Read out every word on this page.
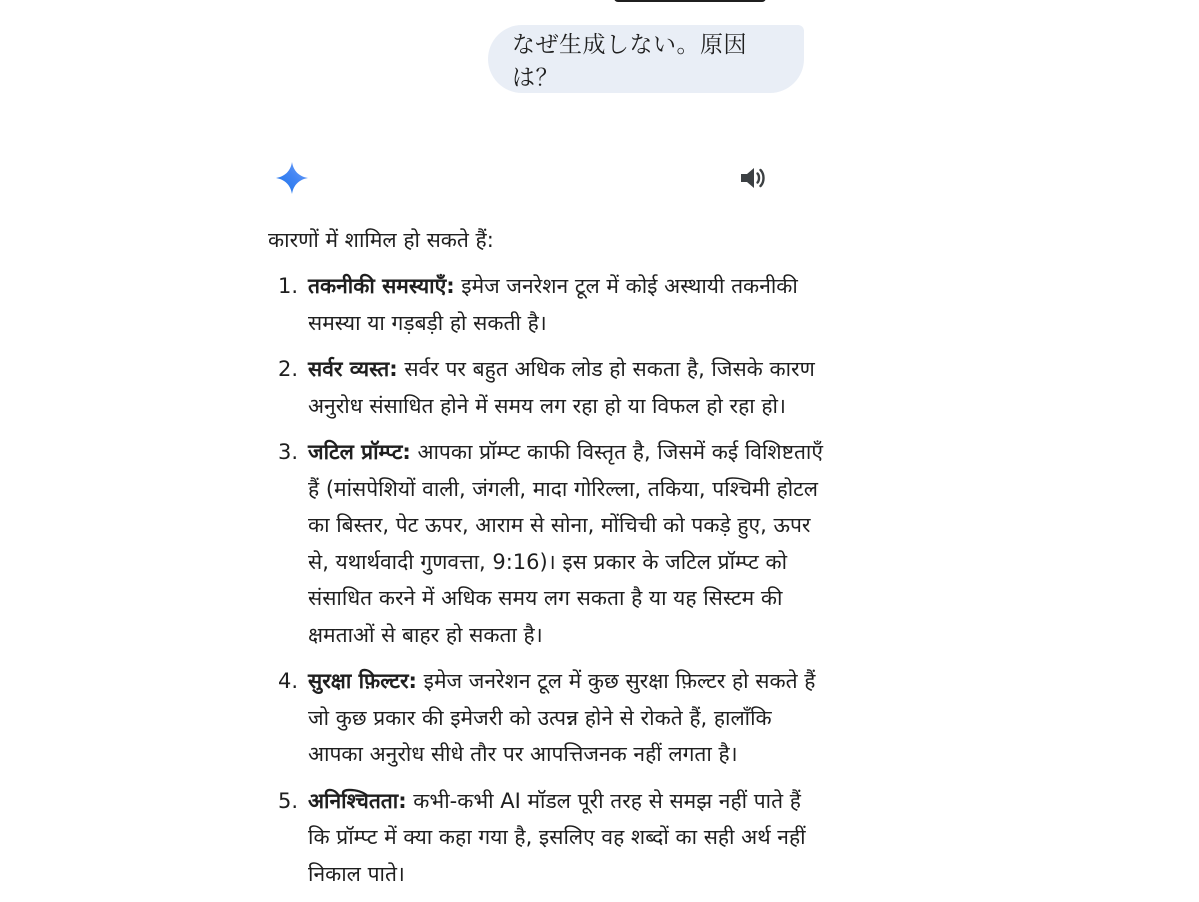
なぜ生成しない。原因は？

कारणों में शामिल हो सकते हैं:

1. तकनीकी समस्याएँ: इमेज जनरेशन टूल में कोई अस्थायी तकनीकी समस्या या गड़बड़ी हो सकती है।
2. सर्वर व्यस्त: सर्वर पर बहुत अधिक लोड हो सकता है, जिसके कारण अनुरोध संसाधित होने में समय लग रहा हो या विफल हो रहा हो।
3. जटिल प्रॉम्प्ट: आपका प्रॉम्प्ट काफी विस्तृत है, जिसमें कई विशिष्टताएँ हैं (मांसपेशियों वाली, जंगली, मादा गोरिल्ला, तकिया, पश्चिमी होटल का बिस्तर, पेट ऊपर, आराम से सोना, मोंचिची को पकड़े हुए, ऊपर से, यथार्थवादी गुणवत्ता, 9:16)। इस प्रकार के जटिल प्रॉम्प्ट को संसाधित करने में अधिक समय लग सकता है या यह सिस्टम की क्षमताओं से बाहर हो सकता है।
4. सुरक्षा फ़िल्टर: इमेज जनरेशन टूल में कुछ सुरक्षा फ़िल्टर हो सकते हैं जो कुछ प्रकार की इमेजरी को उत्पन्न होने से रोकते हैं, हालाँकि आपका अनुरोध सीधे तौर पर आपत्तिजनक नहीं लगता है।
5. अनिश्चितता: कभी-कभी AI मॉडल पूरी तरह से समझ नहीं पाते हैं कि प्रॉम्प्ट में क्या कहा गया है, इसलिए वह शब्दों का सही अर्थ नहीं निकाल पाते।
